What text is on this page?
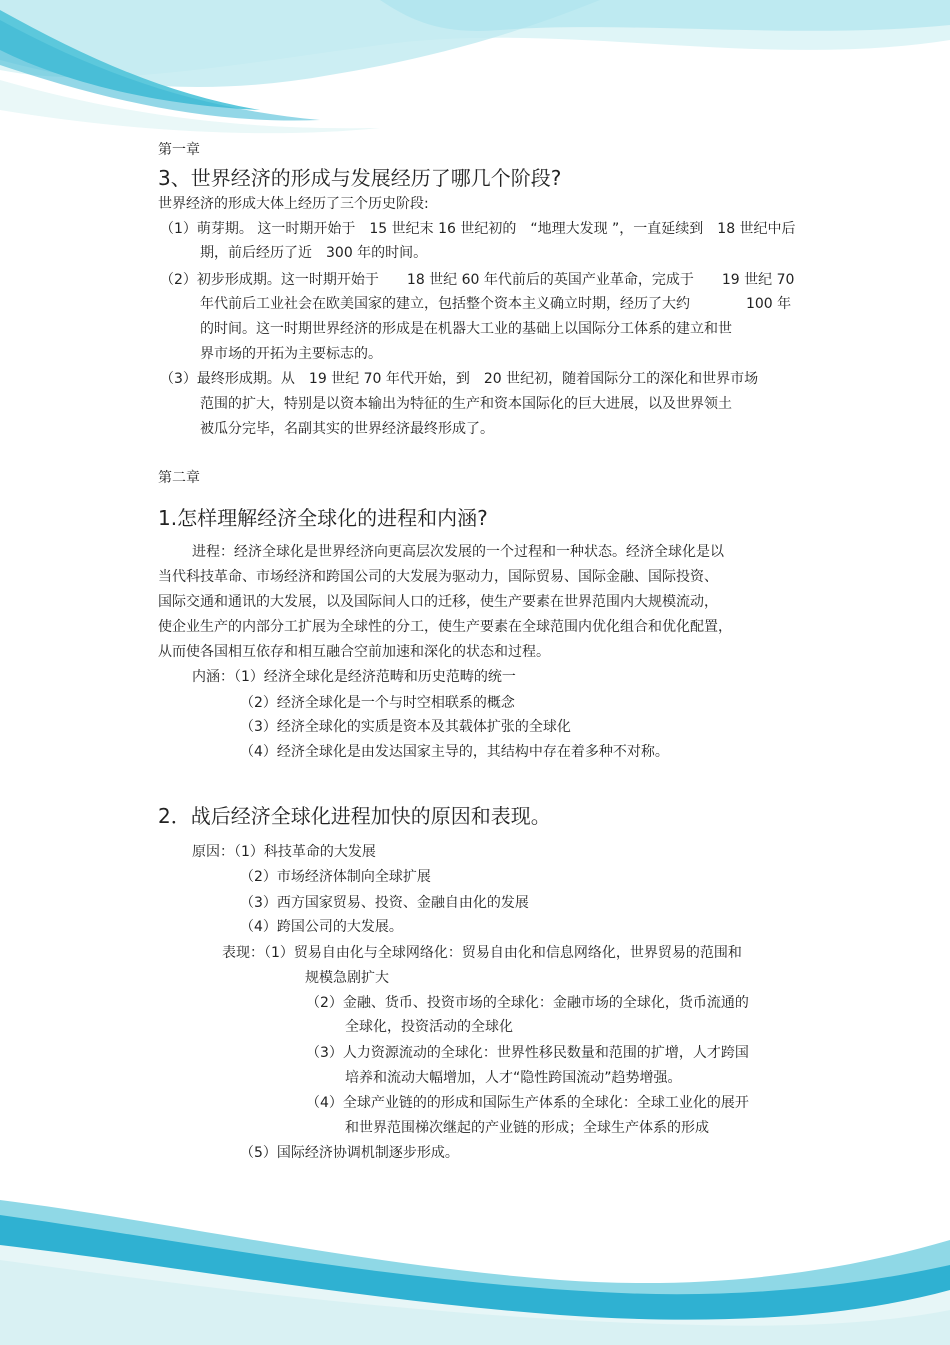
第一章
3、世界经济的形成与发展经历了哪几个阶段?
世界经济的形成大体上经历了三个历史阶段:
（1）萌芽期。 这一时期开始于　15 世纪末 16 世纪初的　“地理大发现 ”，一直延续到　18 世纪中后
期，前后经历了近　300 年的时间。
（2）初步形成期。这一时期开始于　　18 世纪 60 年代前后的英国产业革命，完成于　　19 世纪 70
年代前后工业社会在欧美国家的建立，包括整个资本主义确立时期，经历了大约　　　　100 年
的时间。这一时期世界经济的形成是在机器大工业的基础上以国际分工体系的建立和世
界市场的开拓为主要标志的。
（3）最终形成期。从　19 世纪 70 年代开始，到　20 世纪初，随着国际分工的深化和世界市场
范围的扩大，特别是以资本输出为特征的生产和资本国际化的巨大进展，以及世界领土
被瓜分完毕，名副其实的世界经济最终形成了。
第二章
1.怎样理解经济全球化的进程和内涵?
进程：经济全球化是世界经济向更高层次发展的一个过程和一种状态。经济全球化是以
当代科技革命、市场经济和跨国公司的大发展为驱动力，国际贸易、国际金融、国际投资、
国际交通和通讯的大发展，以及国际间人口的迁移，使生产要素在世界范围内大规模流动，
使企业生产的内部分工扩展为全球性的分工，使生产要素在全球范围内优化组合和优化配置，
从而使各国相互依存和相互融合空前加速和深化的状态和过程。
内涵：（1）经济全球化是经济范畴和历史范畴的统一
（2）经济全球化是一个与时空相联系的概念
（3）经济全球化的实质是资本及其载体扩张的全球化
（4）经济全球化是由发达国家主导的，其结构中存在着多种不对称。
2．战后经济全球化进程加快的原因和表现。
原因：（1）科技革命的大发展
（2）市场经济体制向全球扩展
（3）西方国家贸易、投资、金融自由化的发展
（4）跨国公司的大发展。
表现：（1）贸易自由化与全球网络化：贸易自由化和信息网络化，世界贸易的范围和
规模急剧扩大
（2）金融、货币、投资市场的全球化：金融市场的全球化，货币流通的
全球化，投资活动的全球化
（3）人力资源流动的全球化：世界性移民数量和范围的扩增，人才跨国
培养和流动大幅增加，人才“隐性跨国流动”趋势增强。
（4）全球产业链的的形成和国际生产体系的全球化：全球工业化的展开
和世界范围梯次继起的产业链的形成；全球生产体系的形成
（5）国际经济协调机制逐步形成。
